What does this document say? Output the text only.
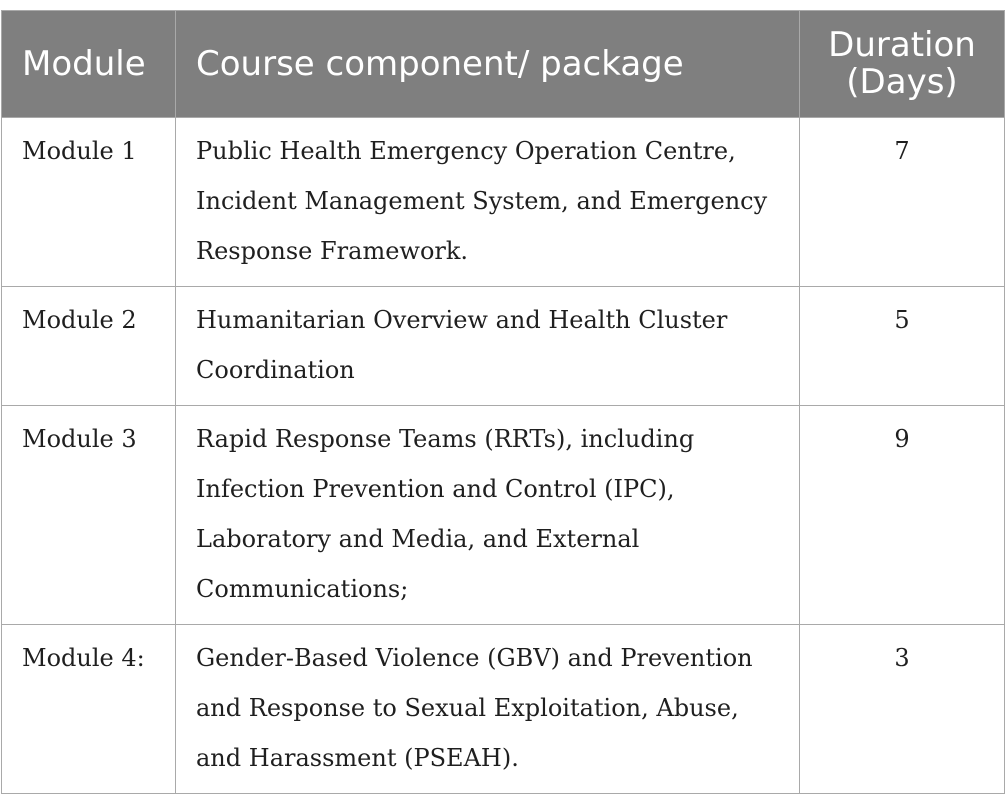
Module	Course component/ package	Duration
(Days)

Module 1	Public Health Emergency Operation Centre, Incident Management System, and Emergency Response Framework.	7
Module 2	Humanitarian Overview and Health Cluster Coordination	5
Module 3	Rapid Response Teams (RRTs), including Infection Prevention and Control (IPC), Laboratory and Media, and External Communications;	9
Module 4:	Gender-Based Violence (GBV) and Prevention and Response to Sexual Exploitation, Abuse, and Harassment (PSEAH).	3
